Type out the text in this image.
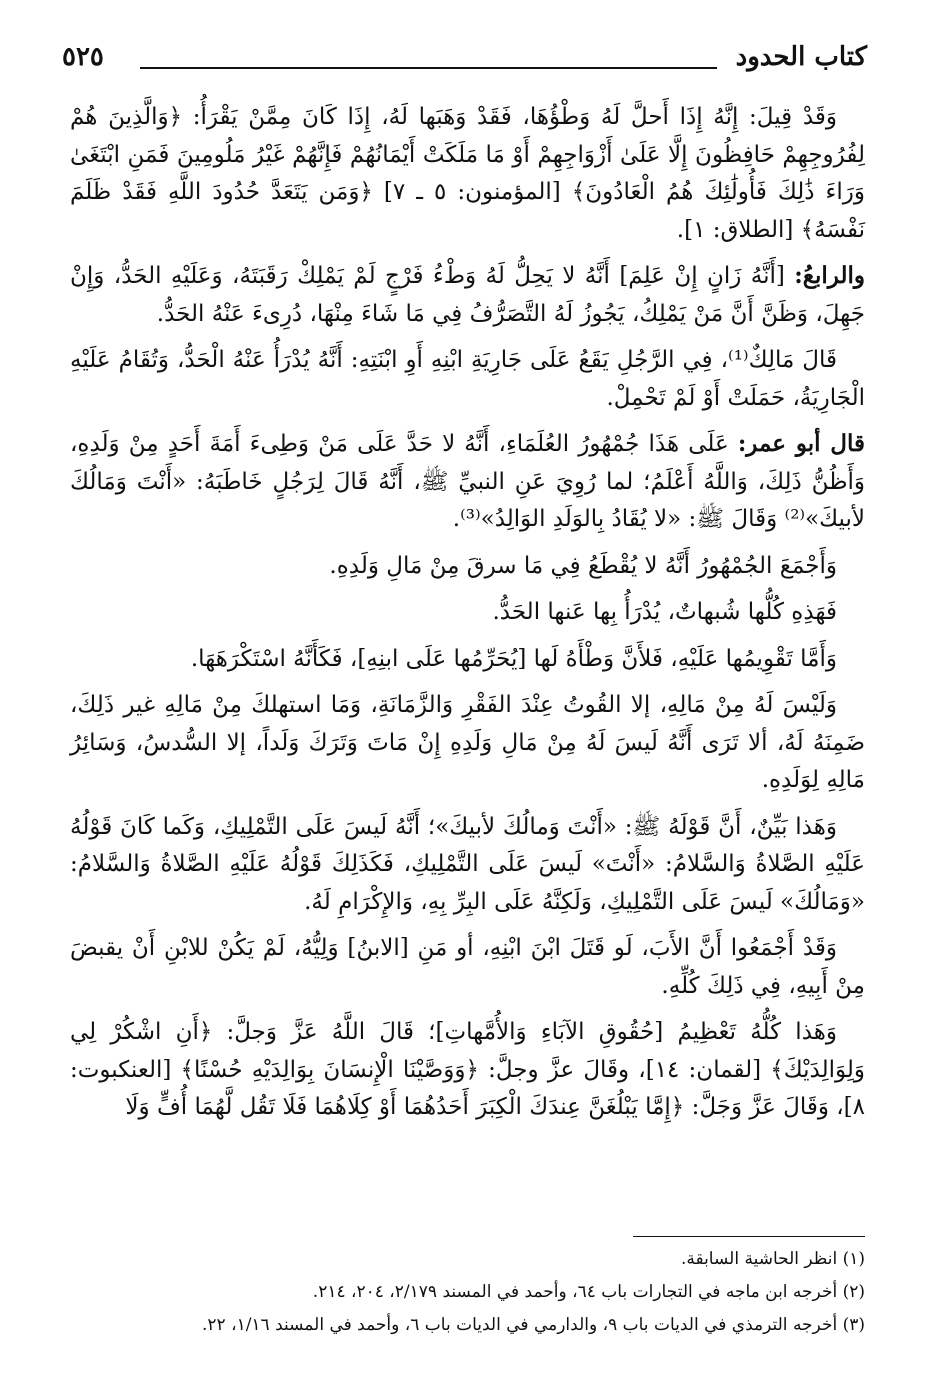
كتاب الحدود
٥٢٥

وَقَدْ قِيلَ: إِنَّهُ إِذَا أَحلَّ لَهُ وَطْؤُهَا، فَقَدْ وَهَبَها لَهُ، إِذَا كَانَ مِمَّنْ يَقْرَأُ: ﴿وَالَّذِينَ هُمْ لِفُرُوجِهِمْ حَافِظُونَ إِلَّا عَلَىٰ أَزْوَاجِهِمْ أَوْ مَا مَلَكَتْ أَيْمَانُهُمْ فَإِنَّهُمْ غَيْرُ مَلُومِينَ فَمَنِ ابْتَغَىٰ وَرَاءَ ذَٰلِكَ فَأُولَٰئِكَ هُمُ الْعَادُونَ﴾ [المؤمنون: ٥ ـ ٧] ﴿وَمَن يَتَعَدَّ حُدُودَ اللَّهِ فَقَدْ ظَلَمَ نَفْسَهُ﴾ [الطلاق: ١].

والرابعُ: [أَنَّهُ زَانٍ إِنْ عَلِمَ] أَنَّهُ لا يَحِلُّ لَهُ وَطْءُ فَرْجٍ لَمْ يَمْلِكْ رَقَبَتَهُ، وَعَلَيْهِ الحَدُّ، وَإِنْ جَهِلَ، وَظَنَّ أَنَّ مَنْ يَمْلِكُ، يَجُوزُ لَهُ التَّصَرُّفُ فِي مَا شَاءَ مِنْهَا، دُرِىءَ عَنْهُ الحَدُّ.

قَالَ مَالِكٌ⁽¹⁾، فِي الرَّجُلِ يَقَعُ عَلَى جَارِيَةِ ابْنِهِ أَوِ ابْنَتِهِ: أَنَّهُ يُدْرَأُ عَنْهُ الْحَدُّ، وَتُقَامُ عَلَيْهِ الْجَارِيَةُ، حَمَلَتْ أَوْ لَمْ تَحْمِلْ.

قال أبو عمر: عَلَى هَذَا جُمْهُورُ العُلَمَاءِ، أَنَّهُ لا حَدَّ عَلَى مَنْ وَطِىءَ أَمَةَ أَحَدٍ مِنْ وَلَدِهِ، وَأَظُنُّ ذَلِكَ، وَاللَّهُ أَعْلَمُ؛ لما رُوِيَ عَنِ النبيِّ ﷺ، أَنَّهُ قَالَ لِرَجُلٍ خَاطَبَهُ: «أَنْتَ وَمَالُكَ لأبيكَ»⁽²⁾ وَقَالَ ﷺ: «لا يُقَادُ بِالوَلَدِ الوَالِدُ»⁽³⁾.

وَأَجْمَعَ الجُمْهُورُ أَنَّهُ لا يُقْطَعُ فِي مَا سرقَ مِنْ مَالِ وَلَدِهِ.

فَهَذِهِ كُلُّها شُبهاتٌ، يُدْرَأُ بِها عَنها الحَدُّ.

وَأَمَّا تَقْوِيمُها عَلَيْهِ، فَلأَنَّ وَطْأَهُ لَها [يُحَرِّمُها عَلَى ابنِهِ]، فَكَأَنَّهُ اسْتَكْرَهَهَا.

وَلَيْسَ لَهُ مِنْ مَالِهِ، إلا القُوتُ عِنْدَ الفَقْرِ وَالزَّمَانَةِ، وَمَا استهلكَ مِنْ مَالِهِ غير ذَلِكَ، ضَمِنَهُ لَهُ، ألا تَرَى أَنَّهُ لَيسَ لَهُ مِنْ مَالِ وَلَدِهِ إِنْ مَاتَ وَتَرَكَ وَلَداً، إلا السُّدسُ، وَسَائِرُ مَالِهِ لِوَلَدِهِ.

وَهَذا بَيِّنٌ، أَنَّ قَوْلَهُ ﷺ: «أَنْتَ وَمالُكَ لأبيكَ»؛ أَنَّهُ لَيسَ عَلَى التَّمْلِيكِ، وَكَما كَانَ قَوْلُهُ عَلَيْهِ الصَّلاةُ وَالسَّلامُ: «أَنْتَ» لَيسَ عَلَى التَّمْلِيكِ، فَكَذَلِكَ قَوْلُهُ عَلَيْهِ الصَّلاةُ وَالسَّلامُ: «وَمَالُكَ» لَيسَ عَلَى التَّمْلِيكِ، وَلَكِنَّهُ عَلَى البِرِّ بِهِ، وَالإِكْرَامِ لَهُ.

وَقَدْ أَجْمَعُوا أَنَّ الأَبَ، لَو قَتَلَ ابْنَ ابْنِهِ، أو مَنِ [الابنُ] وَلِيُّهُ، لَمْ يَكُنْ للابْنِ أَنْ يقبضَ مِنْ أَبِيهِ، فِي ذَلِكَ كُلِّهِ.

وَهَذا كُلُّهُ تَعْظِيمُ [حُقُوقِ الآبَاءِ وَالأُمَّهاتِ]؛ قَالَ اللَّهُ عَزَّ وَجلَّ: ﴿أَنِ اشْكُرْ لِي وَلِوَالِدَيْكَ﴾ [لقمان: ١٤]، وقَالَ عزَّ وجلَّ: ﴿وَوَصَّيْنَا الْإِنسَانَ بِوَالِدَيْهِ حُسْنًا﴾ [العنكبوت: ٨]، وَقَالَ عَزَّ وَجَلَّ: ﴿إِمَّا يَبْلُغَنَّ عِندَكَ الْكِبَرَ أَحَدُهُمَا أَوْ كِلَاهُمَا فَلَا تَقُل لَّهُمَا أُفٍّ وَلَا

(١) انظر الحاشية السابقة.

(٢) أخرجه ابن ماجه في التجارات باب ٦٤، وأحمد في المسند ٢/١٧٩، ٢٠٤، ٢١٤.

(٣) أخرجه الترمذي في الديات باب ٩، والدارمي في الديات باب ٦، وأحمد في المسند ١/١٦، ٢٢.
